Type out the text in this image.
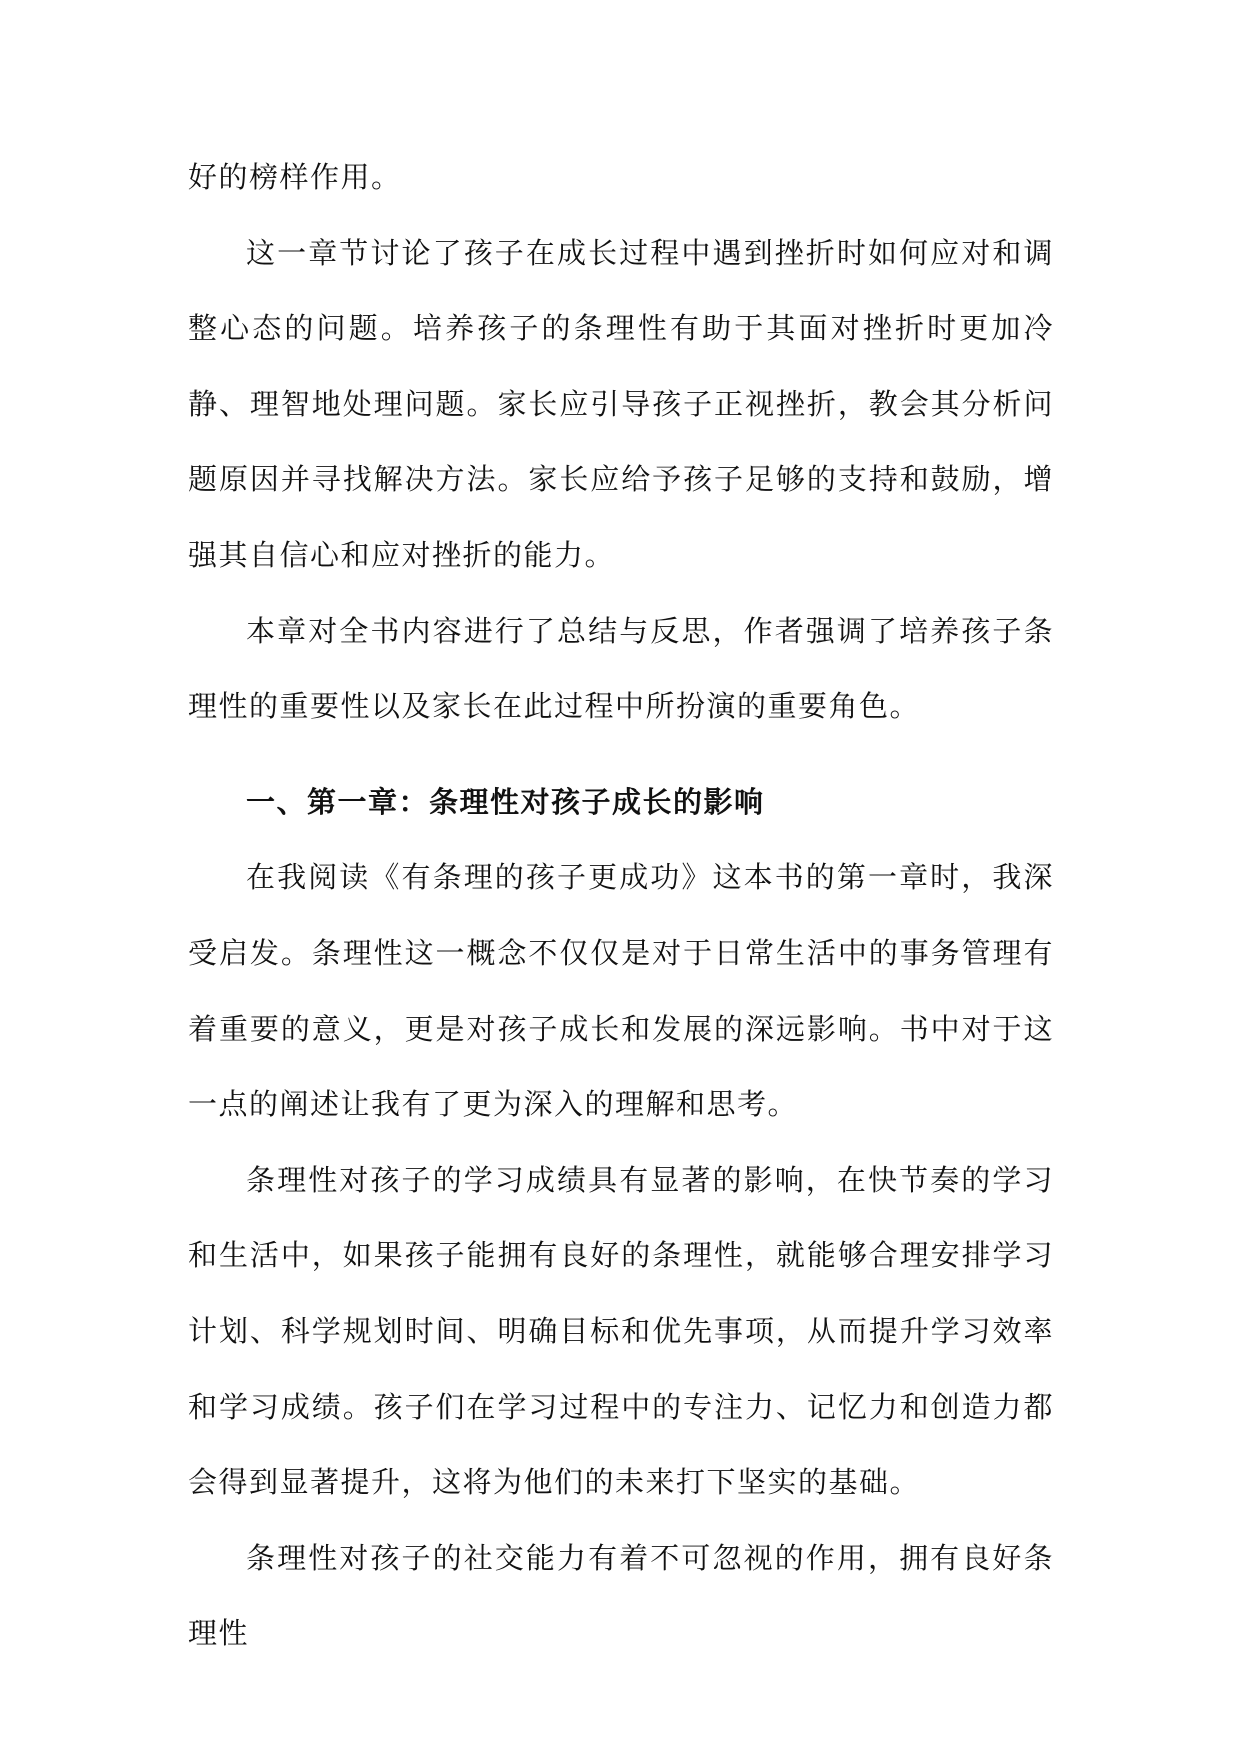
好的榜样作用。

这一章节讨论了孩子在成长过程中遇到挫折时如何应对和调整心态的问题。培养孩子的条理性有助于其面对挫折时更加冷静、理智地处理问题。家长应引导孩子正视挫折，教会其分析问题原因并寻找解决方法。家长应给予孩子足够的支持和鼓励，增强其自信心和应对挫折的能力。

本章对全书内容进行了总结与反思，作者强调了培养孩子条理性的重要性以及家长在此过程中所扮演的重要角色。

一、第一章：条理性对孩子成长的影响

在我阅读《有条理的孩子更成功》这本书的第一章时，我深受启发。条理性这一概念不仅仅是对于日常生活中的事务管理有着重要的意义，更是对孩子成长和发展的深远影响。书中对于这一点的阐述让我有了更为深入的理解和思考。

条理性对孩子的学习成绩具有显著的影响，在快节奏的学习和生活中，如果孩子能拥有良好的条理性，就能够合理安排学习计划、科学规划时间、明确目标和优先事项，从而提升学习效率和学习成绩。孩子们在学习过程中的专注力、记忆力和创造力都会得到显著提升，这将为他们的未来打下坚实的基础。

条理性对孩子的社交能力有着不可忽视的作用，拥有良好条理性
